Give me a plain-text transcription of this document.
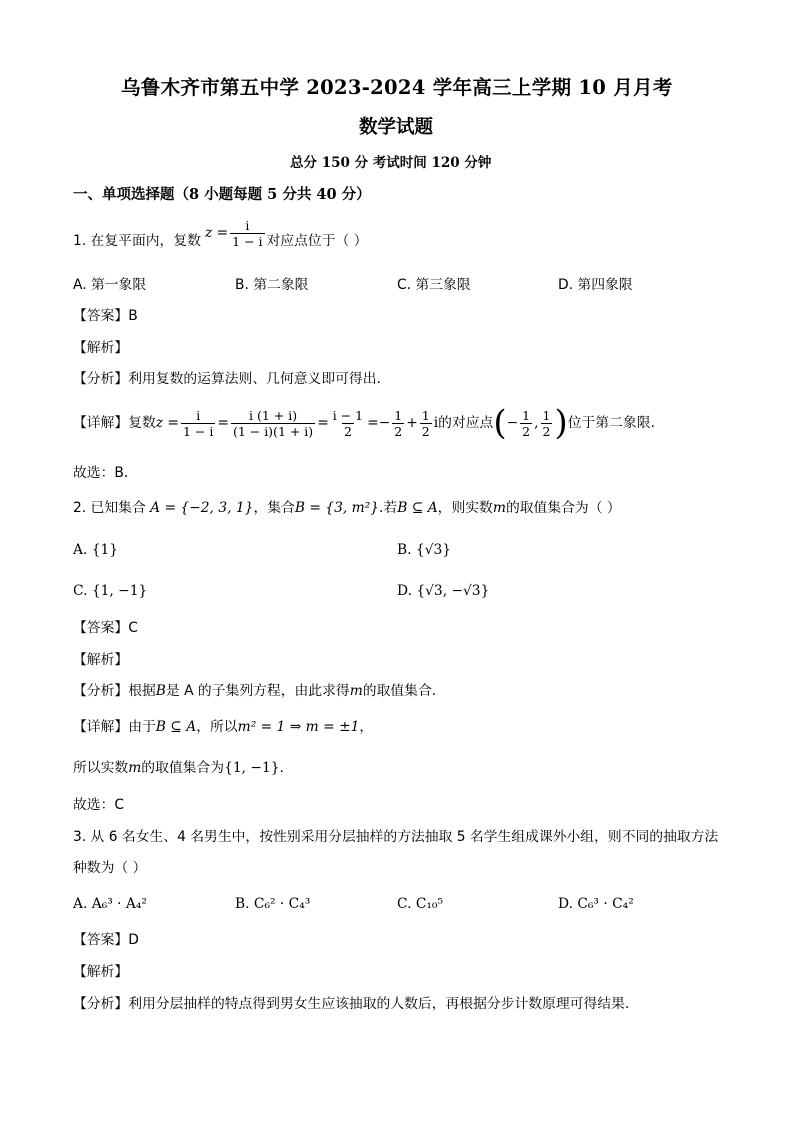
乌鲁木齐市第五中学 2023-2024 学年高三上学期 10 月月考
数学试题
总分 150 分 考试时间 120 分钟
一、单项选择题（8 小题每题 5 分共 40 分）
1. 在复平面内，复数 $z = \frac{i}{1 - i}$ 对应点位于（ ）
A. 第一象限	B. 第二象限	C. 第三象限	D. 第四象限
【答案】B
【解析】
【分析】利用复数的运算法则、几何意义即可得出.
【详解】 复数 $z = \frac{i}{1 - i} = \frac{i (1 + i)}{(1 - i)(1 + i)} = \frac{i - 1}{2}$ = − $\frac{1}{2} + \frac{1}{2}$ i 的对应点 ( − $\frac{1}{2}$ , $\frac{1}{2}$ ) 位于第二象限.
故选：B．
2. 已知集合 A = {−2, 3, 1}，集合B = {3, m²}.若B ⊆ A，则实数m的取值集合为（ ）
A. {1}	B. {√3}
C. {1, −1}	D. {√3, −√3}
【答案】C
【解析】
【分析】根据B是 A 的子集列方程，由此求得m的取值集合.
【详解】由于B ⊆ A，所以m² = 1 ⇒ m = ±1，
所以实数m的取值集合为{1, −1}.
故选：C
3. 从 6 名女生、4 名男生中，按性别采用分层抽样的方法抽取 5 名学生组成课外小组，则不同的抽取方法
种数为（ ）
A. A₆³ · A₄²	B. C₆² · C₄³	C. C₁₀⁵	D. C₆³ · C₄²
【答案】D
【解析】
【分析】利用分层抽样的特点得到男女生应该抽取的人数后，再根据分步计数原理可得结果.
